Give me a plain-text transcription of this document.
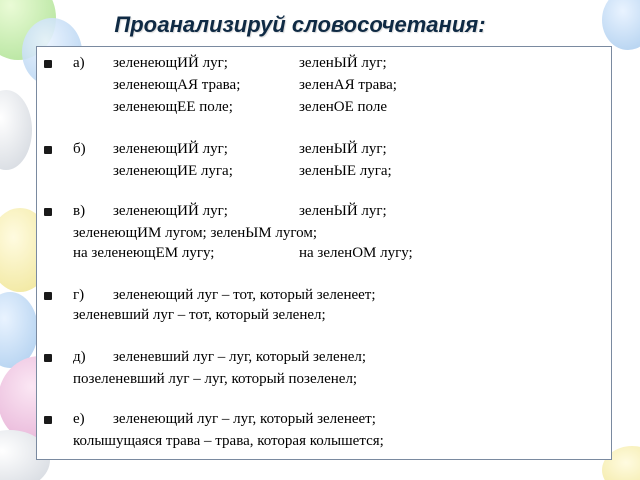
Проанализируй словосочетания:
а) зеленеющИЙ луг;	зеленЫЙ луг;
зеленеющАЯ трава;	зеленАЯ трава;
зеленеющЕЕ поле;	зеленОЕ поле
б) зеленеющИЙ луг;	зеленЫЙ луг;
зеленеющИЕ луга;	зеленЫЕ луга;
в) зеленеющИЙ луг;	зеленЫЙ луг;
зеленеющИМ лугом; зеленЫМ лугом;
на зеленеющЕМ лугу;	на зеленОМ лугу;
г) зеленеющий луг – тот, который зеленеет;
зеленевший луг – тот, который зеленел;
д) зеленевший луг – луг, который зеленел;
позеленевший луг – луг, который позеленел;
е) зеленеющий луг – луг, который зеленеет;
колышущаяся трава – трава, которая колышется;
